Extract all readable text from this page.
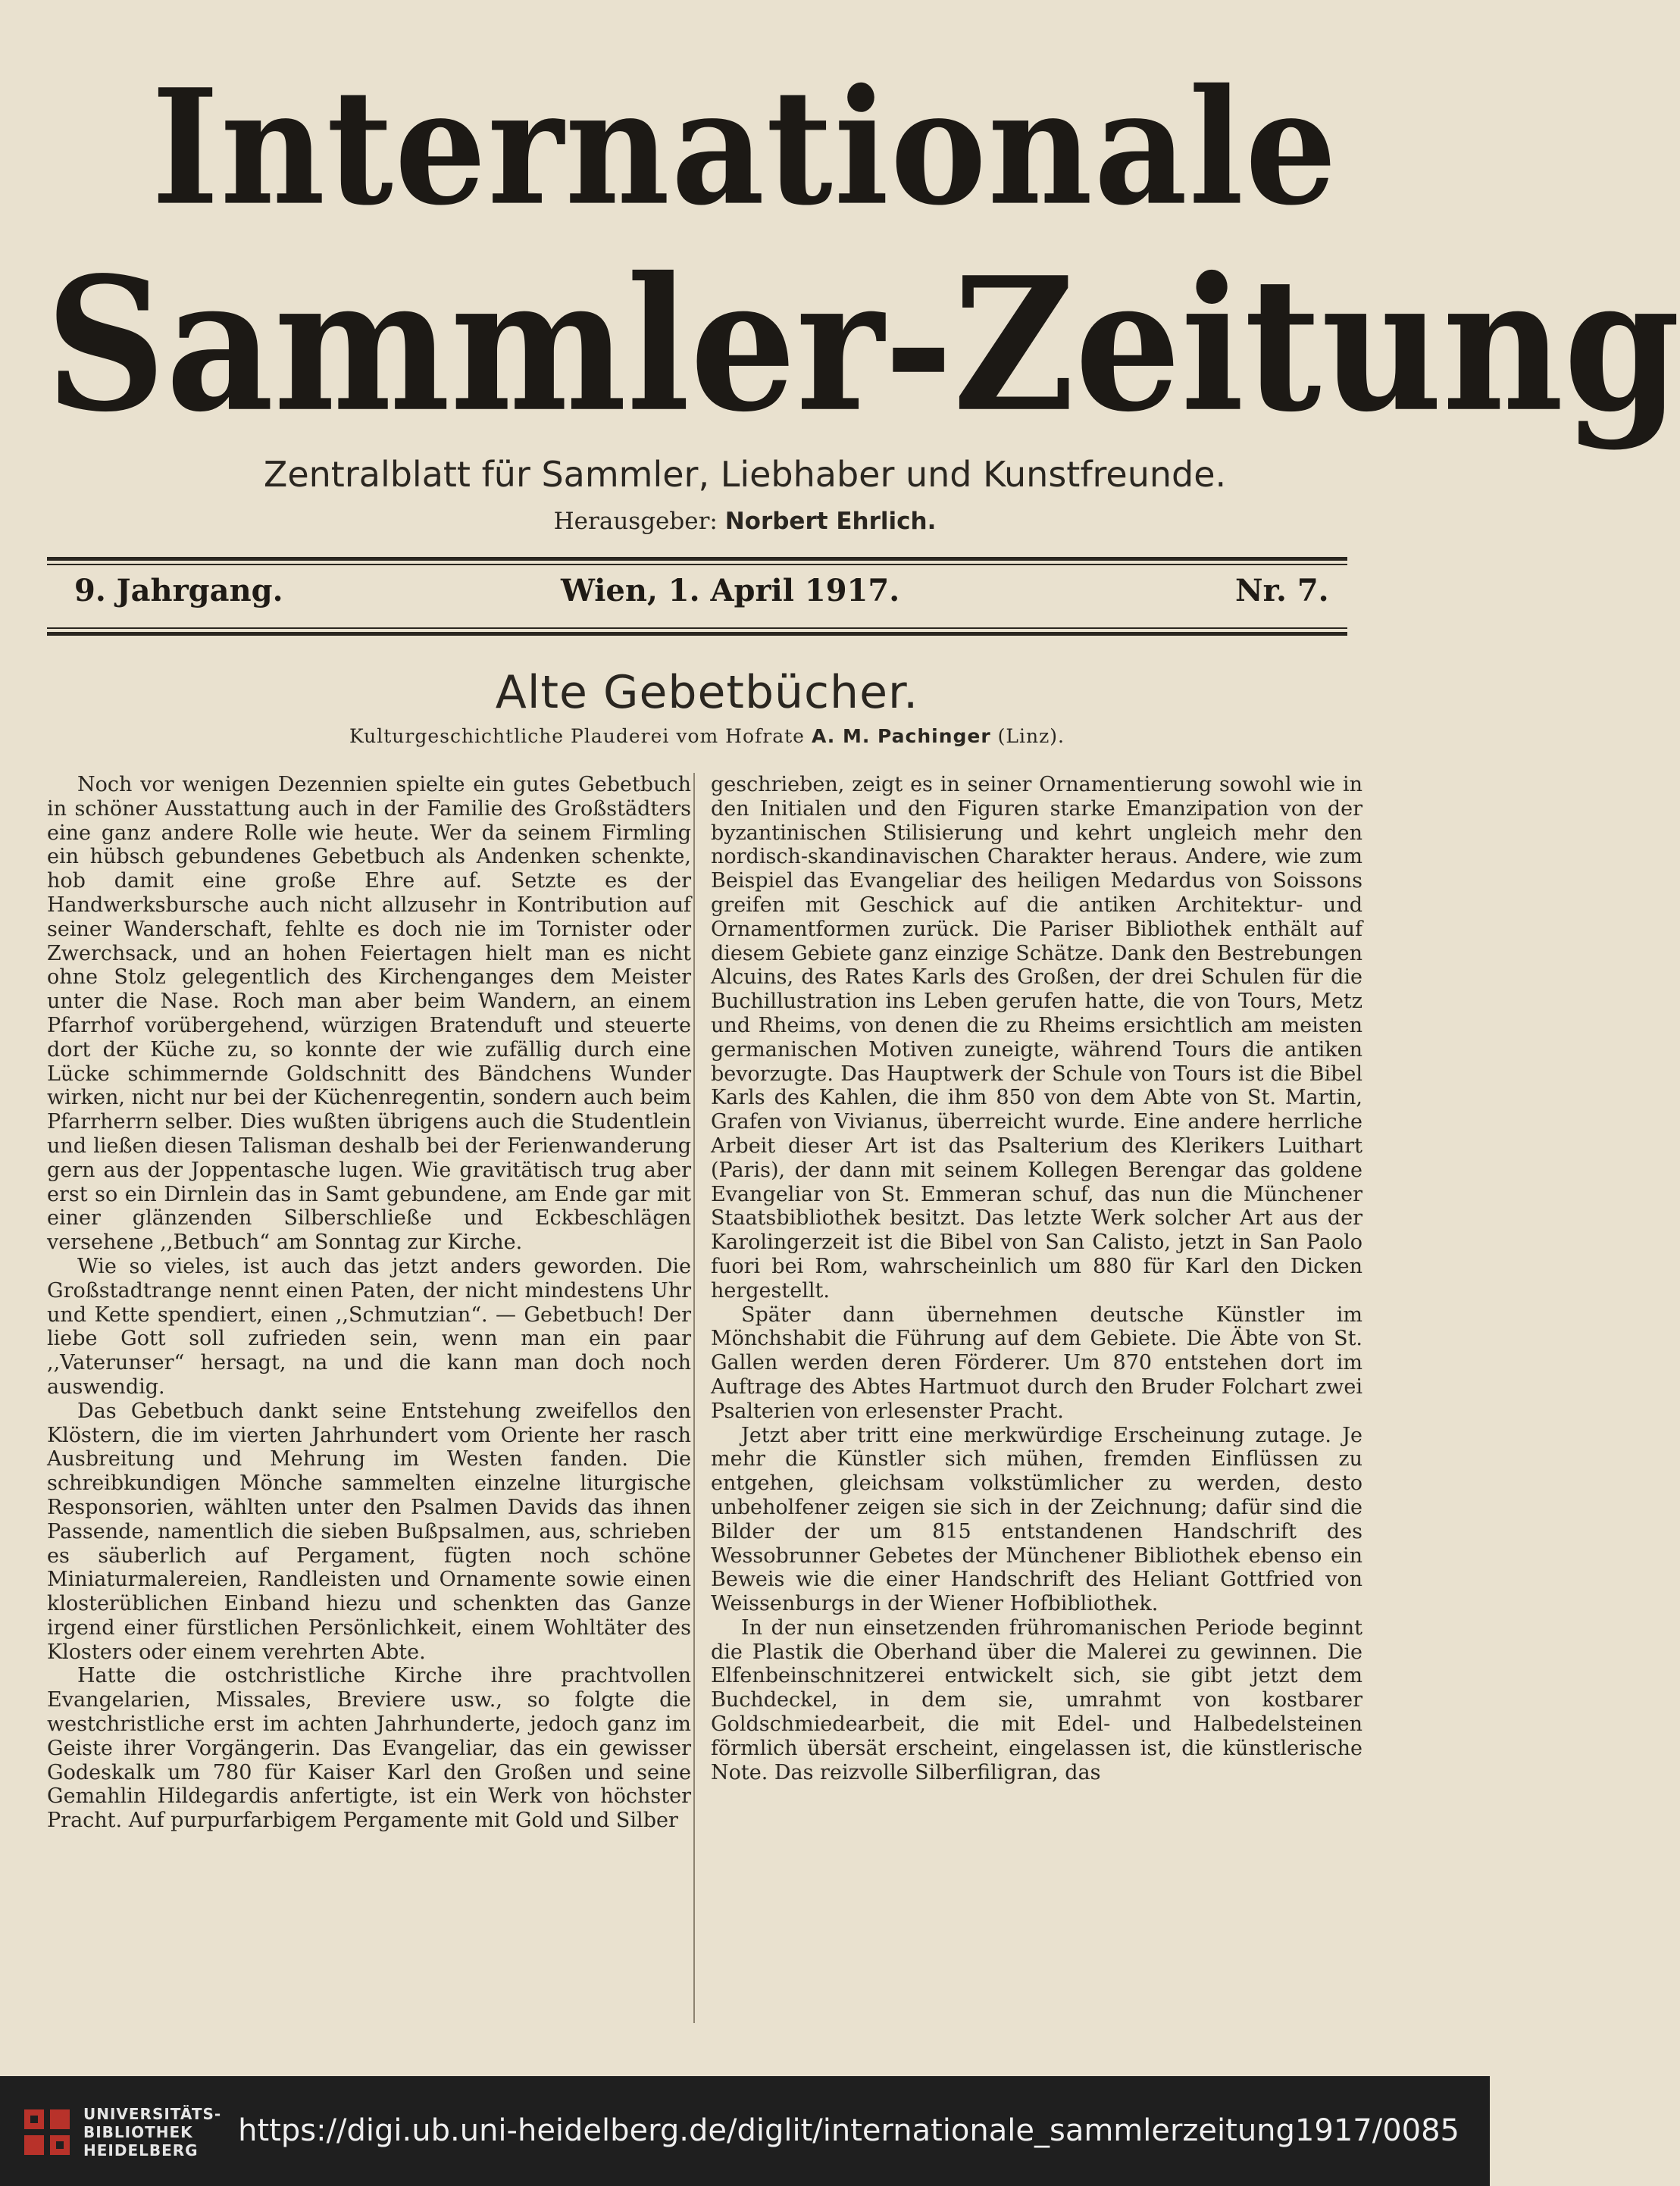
Internationale
Sammler-Zeitung
Zentralblatt für Sammler, Liebhaber und Kunstfreunde.
Herausgeber: Norbert Ehrlich.
9. Jahrgang.	Wien, 1. April 1917.	Nr. 7.
Alte Gebetbücher.
Kulturgeschichtliche Plauderei vom Hofrate A. M. Pachinger (Linz).

Noch vor wenigen Dezennien spielte ein gutes Gebetbuch in schöner Ausstattung auch in der Familie des Großstädters eine ganz andere Rolle wie heute. Wer da seinem Firmling ein hübsch gebundenes Gebetbuch als Andenken schenkte, hob damit eine große Ehre auf. Setzte es der Handwerksbursche auch nicht allzusehr in Kontribution auf seiner Wanderschaft, fehlte es doch nie im Tornister oder Zwerchsack, und an hohen Feiertagen hielt man es nicht ohne Stolz gelegentlich des Kirchenganges dem Meister unter die Nase. Roch man aber beim Wandern, an einem Pfarrhof vorübergehend, würzigen Bratenduft und steuerte dort der Küche zu, so konnte der wie zufällig durch eine Lücke schimmernde Goldschnitt des Bändchens Wunder wirken, nicht nur bei der Küchenregentin, sondern auch beim Pfarrherrn selber. Dies wußten übrigens auch die Studentlein und ließen diesen Talisman deshalb bei der Ferienwanderung gern aus der Joppentasche lugen. Wie gravitätisch trug aber erst so ein Dirnlein das in Samt gebundene, am Ende gar mit einer glänzenden Silberschließe und Eckbeschlägen versehene ,,Betbuch“ am Sonntag zur Kirche.

Wie so vieles, ist auch das jetzt anders geworden. Die Großstadtrange nennt einen Paten, der nicht mindestens Uhr und Kette spendiert, einen ,,Schmutzian“. — Gebetbuch! Der liebe Gott soll zufrieden sein, wenn man ein paar ,,Vaterunser“ hersagt, na und die kann man doch noch auswendig.

Das Gebetbuch dankt seine Entstehung zweifellos den Klöstern, die im vierten Jahrhundert vom Oriente her rasch Ausbreitung und Mehrung im Westen fanden. Die schreibkundigen Mönche sammelten einzelne liturgische Responsorien, wählten unter den Psalmen Davids das ihnen Passende, namentlich die sieben Bußpsalmen, aus, schrieben es säuberlich auf Pergament, fügten noch schöne Miniaturmalereien, Randleisten und Ornamente sowie einen klosterüblichen Einband hiezu und schenkten das Ganze irgend einer fürstlichen Persönlichkeit, einem Wohltäter des Klosters oder einem verehrten Abte.

Hatte die ostchristliche Kirche ihre prachtvollen Evangelarien, Missales, Breviere usw., so folgte die westchristliche erst im achten Jahrhunderte, jedoch ganz im Geiste ihrer Vorgängerin. Das Evangeliar, das ein gewisser Godeskalk um 780 für Kaiser Karl den Großen und seine Gemahlin Hildegardis anfertigte, ist ein Werk von höchster Pracht. Auf purpurfarbigem Pergamente mit Gold und Silber

geschrieben, zeigt es in seiner Ornamentierung sowohl wie in den Initialen und den Figuren starke Emanzipation von der byzantinischen Stilisierung und kehrt ungleich mehr den nordisch-skandinavischen Charakter heraus. Andere, wie zum Beispiel das Evangeliar des heiligen Medardus von Soissons greifen mit Geschick auf die antiken Architektur- und Ornamentformen zurück. Die Pariser Bibliothek enthält auf diesem Gebiete ganz einzige Schätze. Dank den Bestrebungen Alcuins, des Rates Karls des Großen, der drei Schulen für die Buchillustration ins Leben gerufen hatte, die von Tours, Metz und Rheims, von denen die zu Rheims ersichtlich am meisten germanischen Motiven zuneigte, während Tours die antiken bevorzugte. Das Hauptwerk der Schule von Tours ist die Bibel Karls des Kahlen, die ihm 850 von dem Abte von St. Martin, Grafen von Vivianus, überreicht wurde. Eine andere herrliche Arbeit dieser Art ist das Psalterium des Klerikers Luithart (Paris), der dann mit seinem Kollegen Berengar das goldene Evangeliar von St. Emmeran schuf, das nun die Münchener Staatsbibliothek besitzt. Das letzte Werk solcher Art aus der Karolingerzeit ist die Bibel von San Calisto, jetzt in San Paolo fuori bei Rom, wahrscheinlich um 880 für Karl den Dicken hergestellt.

Später dann übernehmen deutsche Künstler im Mönchshabit die Führung auf dem Gebiete. Die Äbte von St. Gallen werden deren Förderer. Um 870 entstehen dort im Auftrage des Abtes Hartmuot durch den Bruder Folchart zwei Psalterien von erlesenster Pracht.

Jetzt aber tritt eine merkwürdige Erscheinung zutage. Je mehr die Künstler sich mühen, fremden Einflüssen zu entgehen, gleichsam volkstümlicher zu werden, desto unbeholfener zeigen sie sich in der Zeichnung; dafür sind die Bilder der um 815 entstandenen Handschrift des Wessobrunner Gebetes der Münchener Bibliothek ebenso ein Beweis wie die einer Handschrift des Heliant Gottfried von Weissenburgs in der Wiener Hofbibliothek.

In der nun einsetzenden frühromanischen Periode beginnt die Plastik die Oberhand über die Malerei zu gewinnen. Die Elfenbeinschnitzerei entwickelt sich, sie gibt jetzt dem Buchdeckel, in dem sie, umrahmt von kostbarer Goldschmiedearbeit, die mit Edel- und Halbedelsteinen förmlich übersät erscheint, eingelassen ist, die künstlerische Note. Das reizvolle Silberfiligran, das

UNIVERSITÄTS-
BIBLIOTHEK
HEIDELBERG
https://digi.ub.uni-heidelberg.de/diglit/internationale_sammlerzeitung1917/0085
